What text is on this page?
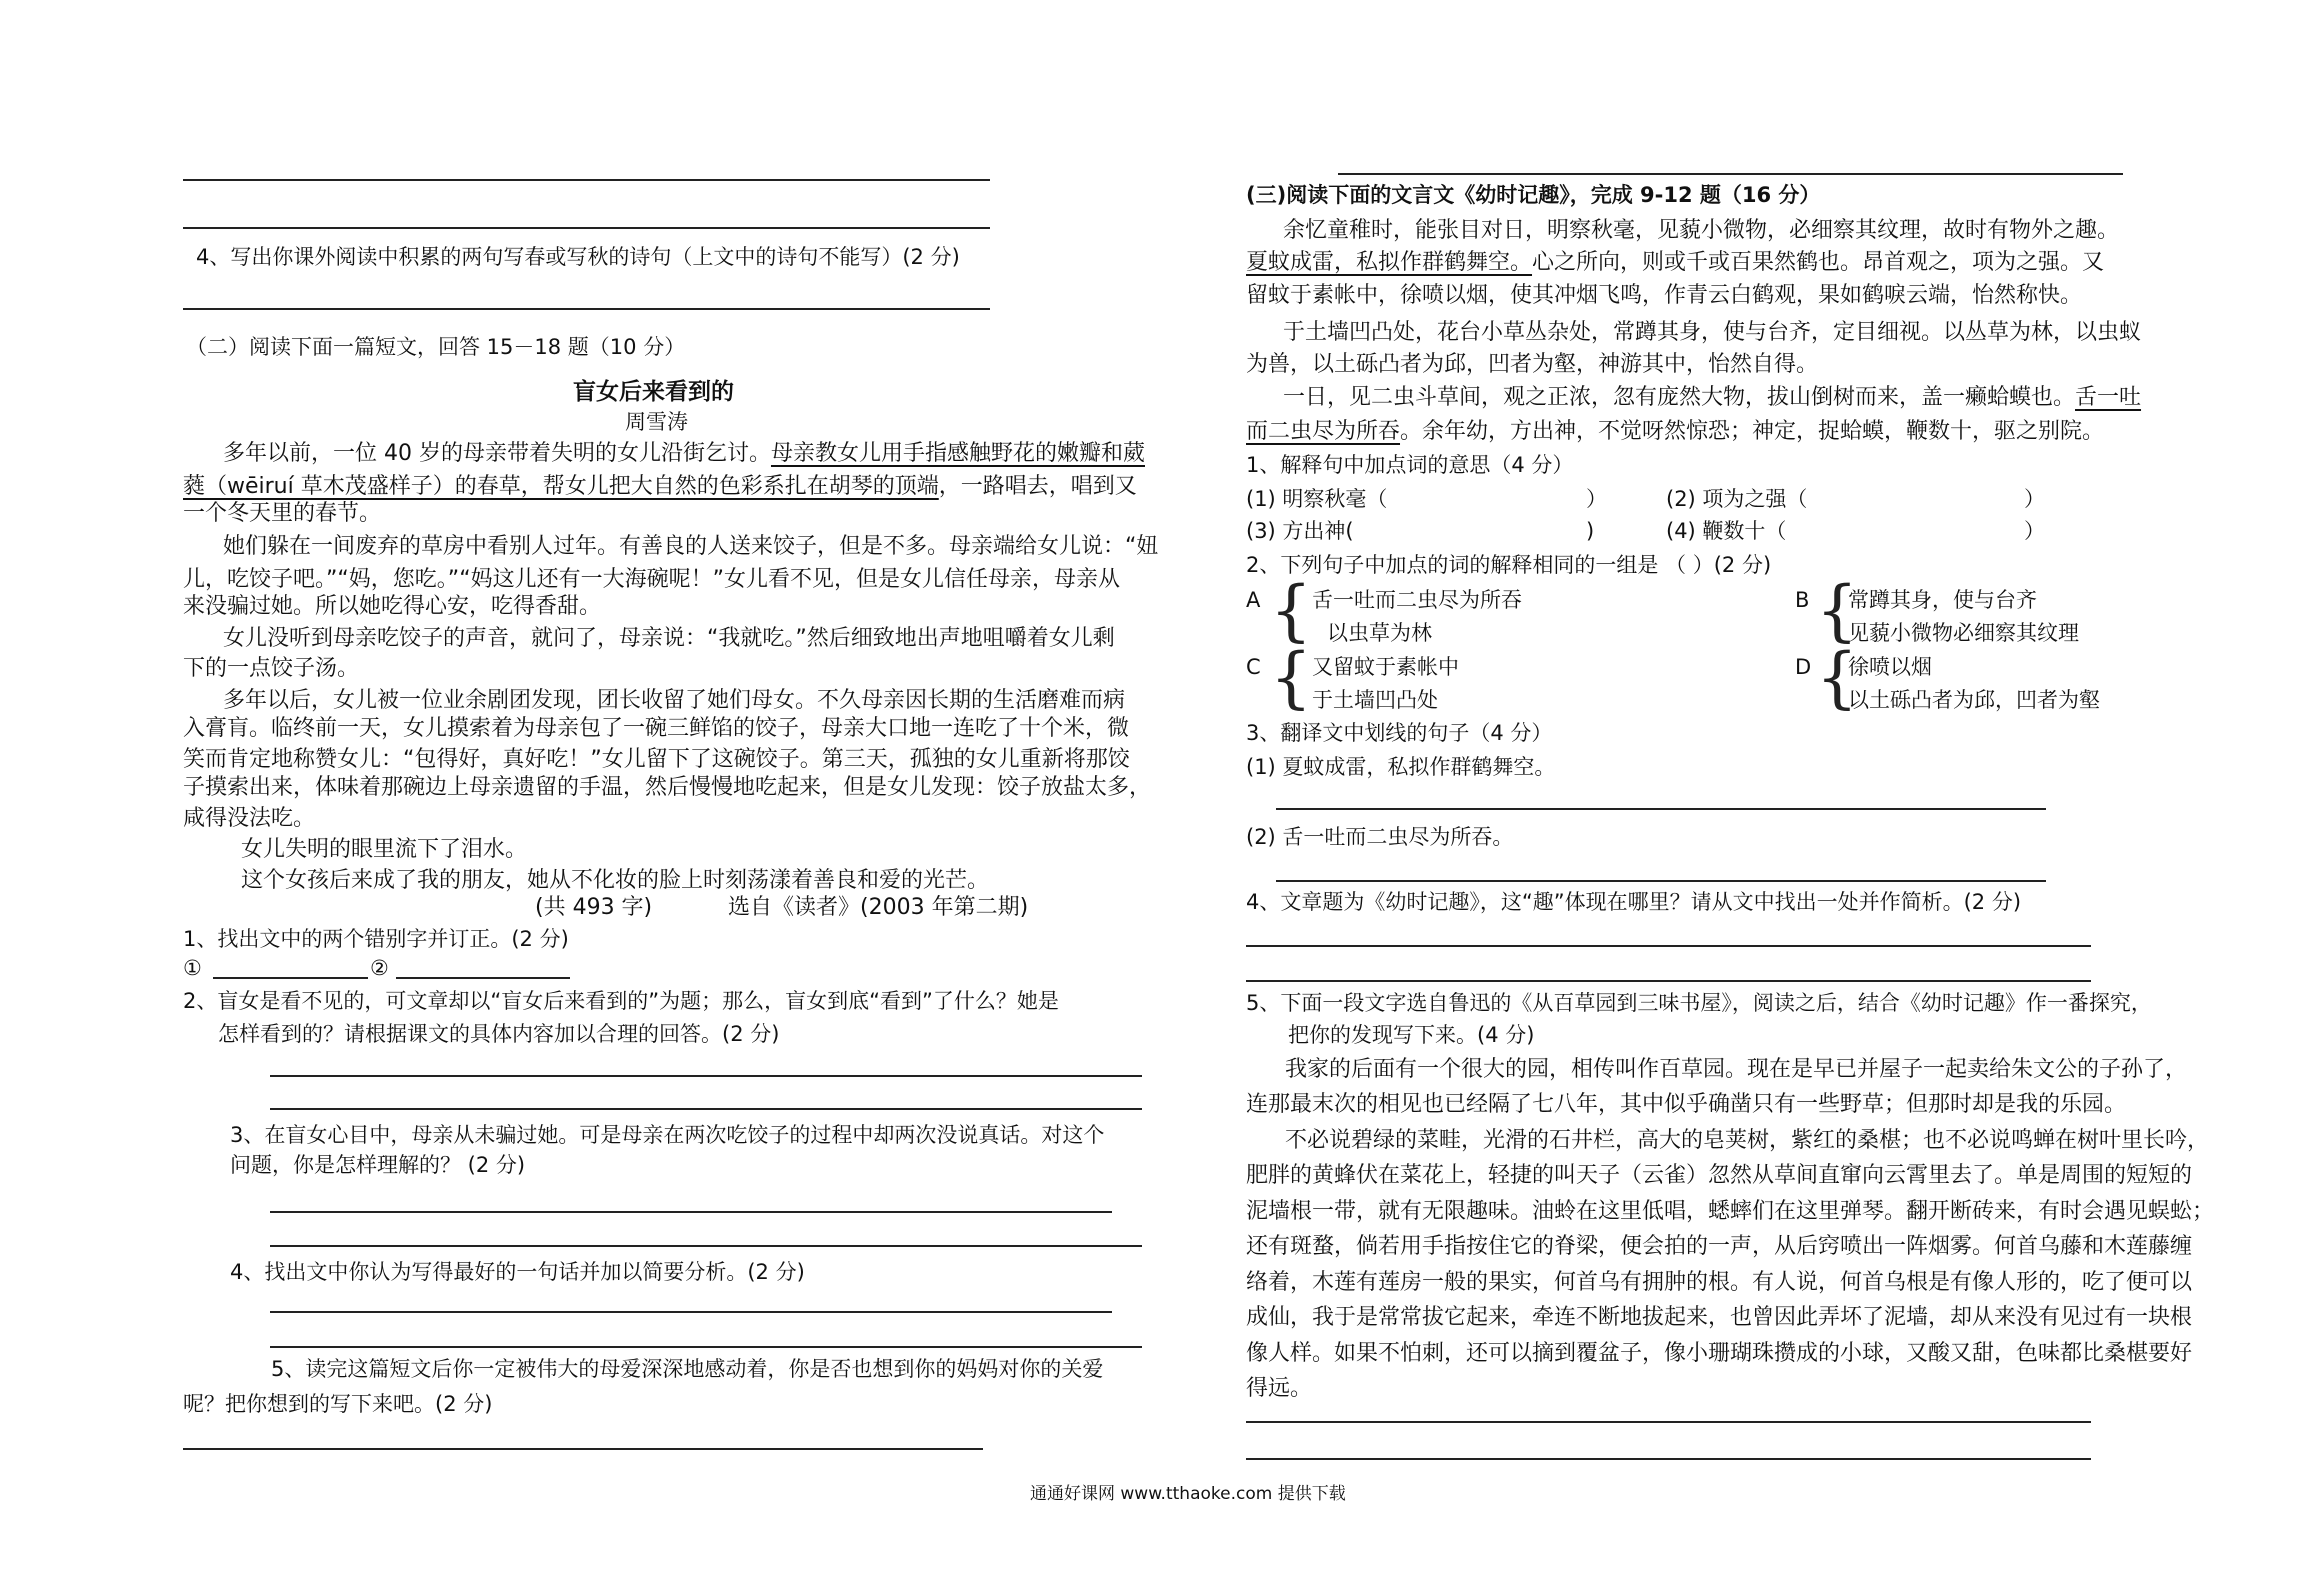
4、写出你课外阅读中积累的两句写春或写秋的诗句（上文中的诗句不能写）(2 分)
（二）阅读下面一篇短文，回答 15－18 题（10 分）
盲女后来看到的
周雪涛
多年以前，一位 40 岁的母亲带着失明的女儿沿街乞讨。母亲教女儿用手指感触野花的嫩瓣和葳
蕤（wēiruí 草木茂盛样子）的春草，帮女儿把大自然的色彩系扎在胡琴的顶端，一路唱去，唱到又
一个冬天里的春节。
她们躲在一间废弃的草房中看别人过年。有善良的人送来饺子，但是不多。母亲端给女儿说：“妞
儿，吃饺子吧。”“妈，您吃。”“妈这儿还有一大海碗呢！”女儿看不见，但是女儿信任母亲，母亲从
来没骗过她。所以她吃得心安，吃得香甜。
女儿没听到母亲吃饺子的声音，就问了，母亲说：“我就吃。”然后细致地出声地咀嚼着女儿剩
下的一点饺子汤。
多年以后，女儿被一位业余剧团发现，团长收留了她们母女。不久母亲因长期的生活磨难而病
入膏肓。临终前一天，女儿摸索着为母亲包了一碗三鲜馅的饺子，母亲大口地一连吃了十个米，微
笑而肯定地称赞女儿：“包得好，真好吃！”女儿留下了这碗饺子。第三天，孤独的女儿重新将那饺
子摸索出来，体味着那碗边上母亲遗留的手温，然后慢慢地吃起来，但是女儿发现：饺子放盐太多，
咸得没法吃。
女儿失明的眼里流下了泪水。
这个女孩后来成了我的朋友，她从不化妆的脸上时刻荡漾着善良和爱的光芒。
(共 493 字)	选自《读者》(2003 年第二期)
1、找出文中的两个错别字并订正。(2 分)
①	②
2、盲女是看不见的，可文章却以“盲女后来看到的”为题；那么，盲女到底“看到”了什么？她是
怎样看到的？请根据课文的具体内容加以合理的回答。(2 分)
3、在盲女心目中，母亲从未骗过她。可是母亲在两次吃饺子的过程中却两次没说真话。对这个
问题，你是怎样理解的？ (2 分)
4、找出文中你认为写得最好的一句话并加以简要分析。(2 分)
5、读完这篇短文后你一定被伟大的母爱深深地感动着，你是否也想到你的妈妈对你的关爱
呢？把你想到的写下来吧。(2 分)
(三)阅读下面的文言文《幼时记趣》，完成 9-12 题（16 分）
余忆童稚时，能张目对日，明察秋毫，见藐小微物，必细察其纹理，故时有物外之趣。
夏蚊成雷，私拟作群鹤舞空。心之所向，则或千或百果然鹤也。昂首观之，项为之强。又
留蚊于素帐中，徐喷以烟，使其冲烟飞鸣，作青云白鹤观，果如鹤唳云端，怡然称快。
于土墙凹凸处，花台小草丛杂处，常蹲其身，使与台齐，定目细视。以丛草为林，以虫蚁
为兽，以土砾凸者为邱，凹者为壑，神游其中，怡然自得。
一日，见二虫斗草间，观之正浓，忽有庞然大物，拔山倒树而来，盖一癞蛤蟆也。舌一吐
而二虫尽为所吞。余年幼，方出神，不觉呀然惊恐；神定，捉蛤蟆，鞭数十，驱之别院。
1、解释句中加点词的意思（4 分）
(1) 明察秋毫（	）	(2) 项为之强（	）
(3) 方出神(	)	(4) 鞭数十（	）
2、下列句子中加点的词的解释相同的一组是 （ ）(2 分)
A { 舌一吐而二虫尽为所吞
以虫草为林
B {
常蹲其身，使与台齐
见藐小微物必细察其纹理
C { 又留蚊于素帐中
于土墙凹凸处
D {
徐喷以烟
以土砾凸者为邱，凹者为壑
3、翻译文中划线的句子（4 分）
(1) 夏蚊成雷，私拟作群鹤舞空。
(2) 舌一吐而二虫尽为所吞。
4、文章题为《幼时记趣》，这“趣”体现在哪里？请从文中找出一处并作简析。(2 分)
5、下面一段文字选自鲁迅的《从百草园到三味书屋》，阅读之后，结合《幼时记趣》作一番探究，
把你的发现写下来。(4 分)
我家的后面有一个很大的园，相传叫作百草园。现在是早已并屋子一起卖给朱文公的子孙了，
连那最末次的相见也已经隔了七八年，其中似乎确凿只有一些野草；但那时却是我的乐园。
不必说碧绿的菜畦，光滑的石井栏，高大的皂荚树，紫红的桑椹；也不必说鸣蝉在树叶里长吟，
肥胖的黄蜂伏在菜花上，轻捷的叫天子（云雀）忽然从草间直窜向云霄里去了。单是周围的短短的
泥墙根一带，就有无限趣味。油蛉在这里低唱，蟋蟀们在这里弹琴。翻开断砖来，有时会遇见蜈蚣；
还有斑蝥，倘若用手指按住它的脊梁，便会拍的一声，从后窍喷出一阵烟雾。何首乌藤和木莲藤缠
络着，木莲有莲房一般的果实，何首乌有拥肿的根。有人说，何首乌根是有像人形的，吃了便可以
成仙，我于是常常拔它起来，牵连不断地拔起来，也曾因此弄坏了泥墙，却从来没有见过有一块根
像人样。如果不怕刺，还可以摘到覆盆子，像小珊瑚珠攒成的小球，又酸又甜，色味都比桑椹要好
得远。
通通好课网 www.tthaoke.com 提供下载
